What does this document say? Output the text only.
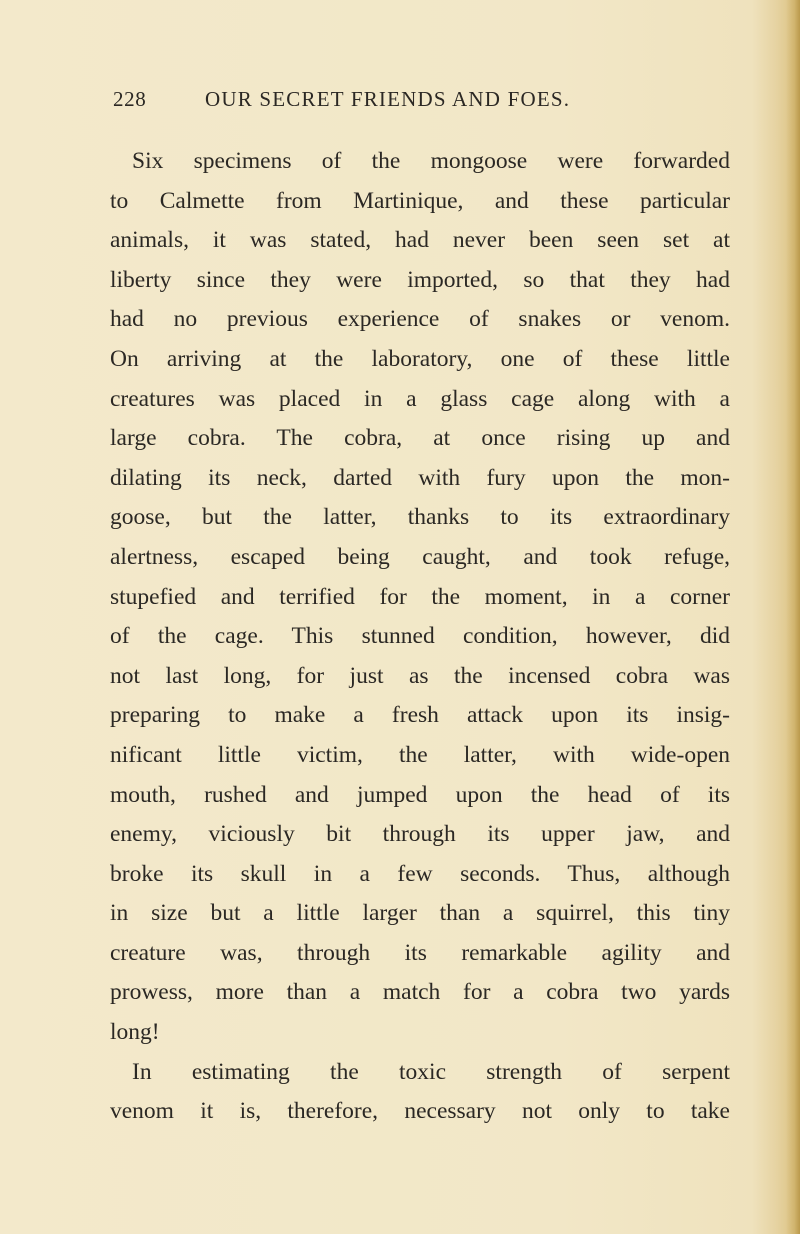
228	OUR SECRET FRIENDS AND FOES.
Six specimens of the mongoose were forwarded
to Calmette from Martinique, and these particular
animals, it was stated, had never been seen set at
liberty since they were imported, so that they had
had no previous experience of snakes or venom.
On arriving at the laboratory, one of these little
creatures was placed in a glass cage along with a
large cobra. The cobra, at once rising up and
dilating its neck, darted with fury upon the mon-
goose, but the latter, thanks to its extraordinary
alertness, escaped being caught, and took refuge,
stupefied and terrified for the moment, in a corner
of the cage. This stunned condition, however, did
not last long, for just as the incensed cobra was
preparing to make a fresh attack upon its insig-
nificant little victim, the latter, with wide-open
mouth, rushed and jumped upon the head of its
enemy, viciously bit through its upper jaw, and
broke its skull in a few seconds. Thus, although
in size but a little larger than a squirrel, this tiny
creature was, through its remarkable agility and
prowess, more than a match for a cobra two yards
long!
In estimating the toxic strength of serpent
venom it is, therefore, necessary not only to take
